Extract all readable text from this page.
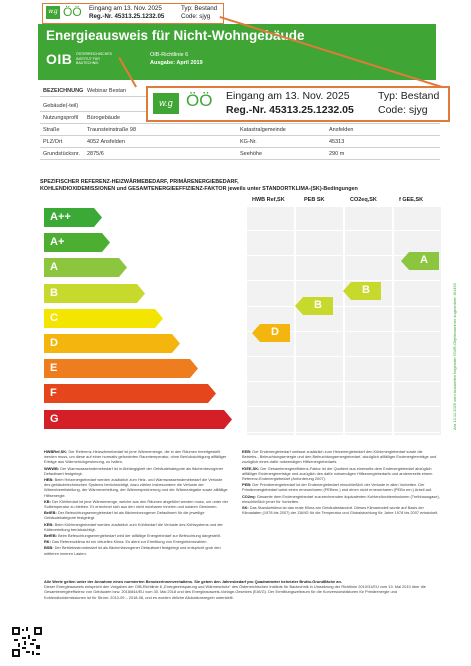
w.g ÖÖ Eingang am 13. Nov. 2025	Typ: Bestand
Reg.-Nr. 45313.25.1232.05	Code: sjyg
Energieausweis für Nicht-Wohngebäude
OIB ÖSTERREICHISCHES INSTITUT FÜR BAUTECHNIK
OIB-Richtlinie 6
Ausgabe: April 2019
BEZEICHNUNG Webinar Bestan
Gebäude(-teil)
Nutzungsprofil Bürogebäude
Straße	Traunsteinstraße 98	Katastralgemeinde	Ansfelden
PLZ/Ort	4052 Ansfelden	KG-Nr.	45313
Grundstücksnr. 2875/6	Seehöhe	290 m
w.g ÖÖ Eingang am 13. Nov. 2025	Typ: Bestand
Reg.-Nr. 45313.25.1232.05 Code: sjyg
SPEZIFISCHER REFERENZ-HEIZWÄRMEBEDARF, PRIMÄRENERGIEBEDARF,
KOHLENDIOXIDEMISSIONEN und GESAMTENERGIEEFFIZIENZ-FAKTOR jeweils unter STANDORTKLIMA-(SK)-Bedingungen
HWB Ref,SK	PEB SK	CO2eq,SK	f GEE,SK
A++
A+
A
B
C
D
E
F
G
D
B
B
A
HWBRef,SK: Der Referenz-Heizwärmebedarf ist jene Wärmemenge, die in den Räumen bereitgestellt werden muss, um diese auf einer normativ geforderten Raumtemperatur, ohne Berücksichtigung allfälliger Erträge aus Wärmerückgewinnung, zu halten.
WWWB: Der Warmwasserwärmebedarf ist in Abhängigkeit der Gebäudekategorie als flächenbezogener Defaultwert festgelegt.
HEB: Beim Heizenergiebedarf werden zusätzlich zum Heiz- und Warmwasserwärmebedarf die Verluste des gebäudetechnischen Systems berücksichtigt, dazu zählen insbesondere die Verluste der Wärmebereitstellung, der Wärmeverteilung, der Wärmespeicherung und der Wärmeabgabe sowie allfällige Hilfsenergie.
KB: Der Kühlbedarf ist jene Wärmemenge, welche aus den Räumen abgeführt werden muss, um unter der Solltemperatur zu bleiben. Er errechnet sich aus den nicht nutzbaren inneren und solaren Gewinnen.
BeIEB: Der Beleuchtungsenergiebedarf ist als flächenbezogener Defaultwert für die jeweilige Gebäudekategorie festgelegt.
KEB: Beim Kühlenergiebedarf werden zusätzlich zum Kühlbedarf die Verluste des Kühlsystems und der Kälteverteilung berücksichtigt.
BefEB: Beim Befeuchtungsenergiebedarf wird der allfällige Energiebedarf zur Befeuchtung dargestellt.
RK: Das Referenzklima ist ein virtuelles Klima. Es dient zur Ermittlung von Energiekennzahlen.
BSB: Der Betriebsstrombedarf ist als flächenbezogener Defaultwert festgelegt und entspricht grob den mittleren inneren Lasten.
EEB: Der Endenergiebedarf umfasst zusätzlich zum Heizenergiebedarf den Kühlenergiebedarf sowie die Betriebs-, Beleuchtungsenergie und den Befeuchtungsenergiebedarf, abzüglich allfälliger Endenergieerträge und zuzüglich eines dafür notwendigen Hilfsenergiebedarfs.
fGEE,SK: Der Gesamtenergieeffizienz-Faktor ist der Quotient aus einerseits dem Endenergiebedarf abzüglich allfälliger Endenergieerträge und zuzüglich des dafür notwendigen Hilfsenergiebedarfs und andererseits einem Referenz-Endenergiebedarf (Anforderung 2007).
PEB: Der Primärenergiebedarf ist der Endenergiebedarf einschließlich der Verluste in allen Vorketten. Der Primärenergiebedarf weist einen erneuerbaren (PEBern.) und einen nicht erneuerbaren (PEBn.ern.) Anteil auf.
CO2eq: Gesamte dem Endenergiebedarf zuzurechnenden äquivalenten Kohlendioxidemissionen (Treibhausgase), einschließlich jener für Vorketten.
SK: Das Standortklima ist das reale Klima am Gebäudestandort. Dieses Klimamodell wurde auf Basis der Klimadaten (1978 bis 2007) der ZAMG für die Temperatur und Globalstrahlung für Jahre 1978 bis 2007 entwickelt.
Alle Werte gelten unter der Annahme eines normierten Benutzerinnenverhaltens. Sie geben den Jahresbedarf pro Quadratmeter beheizter Brutto-Grundfläche an.
Dieser Energieausweis entspricht den Vorgaben der OIB-Richtlinie 6 „Energieeinsparung und Wärmeschutz“ des Österreichischen Instituts für Bautechnik in Umsetzung der Richtlinie 2010/31/EU vom 19. Mai 2010 über die Gesamtenergieeffizienz von Gebäuden bzw. 2018/844/EU vom 30. Mai 2018 und des Energieausweis-Vorlage-Gesetzes (EAVG). Der Ermittlungszeitraum für die Konversionsfaktoren für Primärenergie und Kohlendioxidemissionen ist für Strom: 2013-09 – 2018-08, und es wurden übliche Allokationsregeln unterstellt.
Ara 13.11.2025 vom Ausstellen folgender GWR-Objektnummer zugeordnet: 8/1453
